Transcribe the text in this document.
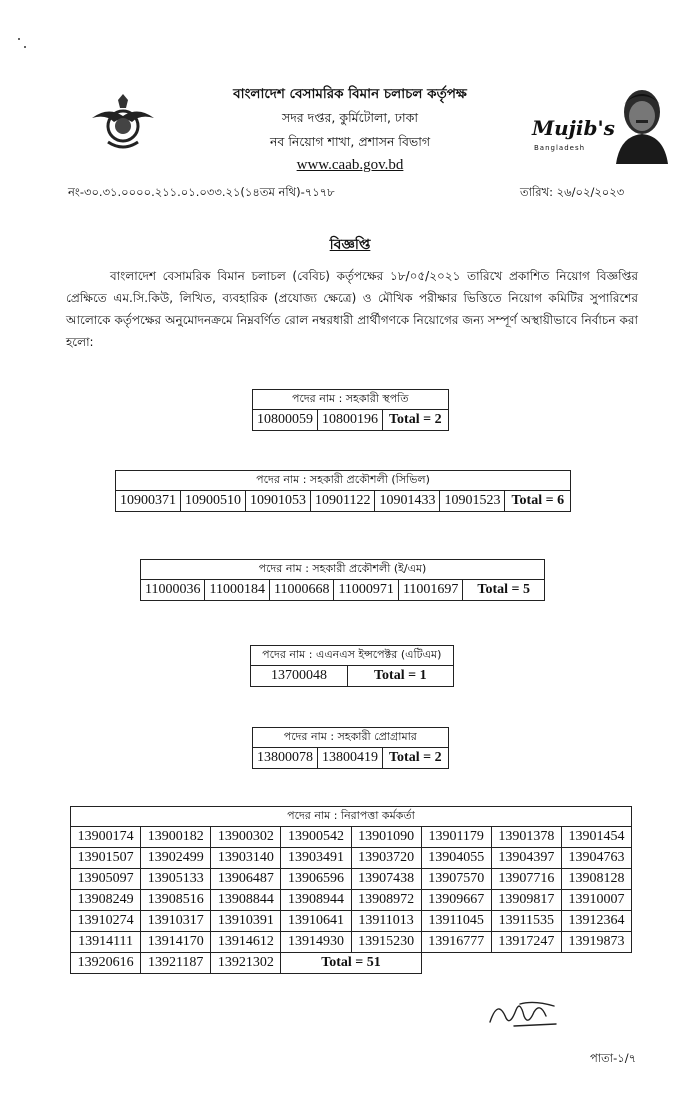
বাংলাদেশ বেসামরিক বিমান চলাচল কর্তৃপক্ষ
সদর দপ্তর, কুর্মিটোলা, ঢাকা
নব নিয়োগ শাখা, প্রশাসন বিভাগ
www.caab.gov.bd
Mujib's
Bangladesh
নং-৩০.৩১.০০০০.২১১.০১.০৩৩.২১(১৪তম নথি)-৭১৭৮	তারিখ: ২৬/০২/২০২৩
বিজ্ঞপ্তি
বাংলাদেশ বেসামরিক বিমান চলাচল (বেবিচ) কর্তৃপক্ষের ১৮/০৫/২০২১ তারিখে প্রকাশিত নিয়োগ বিজ্ঞপ্তির প্রেক্ষিতে এম.সি.কিউ, লিখিত, ব্যবহারিক (প্রযোজ্য ক্ষেত্রে) ও মৌখিক পরীক্ষার ভিত্তিতে নিয়োগ কমিটির সুপারিশের আলোকে কর্তৃপক্ষের অনুমোদনক্রমে নিম্নবর্ণিত রোল নম্বরধারী প্রার্থীগণকে নিয়োগের জন্য সম্পূর্ণ অস্থায়ীভাবে নির্বাচন করা হলো:
পদের নাম : সহকারী স্থপতি
10800059	10800196	Total = 2
পদের নাম : সহকারী প্রকৌশলী (সিভিল)
10900371	10900510	10901053	10901122	10901433	10901523	Total = 6
পদের নাম : সহকারী প্রকৌশলী (ই/এম)
11000036	11000184	11000668	11000971	11001697	Total = 5
পদের নাম : এএনএস ইন্সপেক্টর (এটিএম)
13700048	Total = 1
পদের নাম : সহকারী প্রোগ্রামার
13800078	13800419	Total = 2
পদের নাম : নিরাপত্তা কর্মকর্তা							
13900174	13900182	13900302	13900542	13901090	13901179	13901378	13901454
13901507	13902499	13903140	13903491	13903720	13904055	13904397	13904763
13905097	13905133	13906487	13906596	13907438	13907570	13907716	13908128
13908249	13908516	13908844	13908944	13908972	13909667	13909817	13910007
13910274	13910317	13910391	13910641	13911013	13911045	13911535	13912364
13914111	13914170	13914612	13914930	13915230	13916777	13917247	13919873
13920616	13921187	13921302	Total = 51				
পাতা-১/৭
